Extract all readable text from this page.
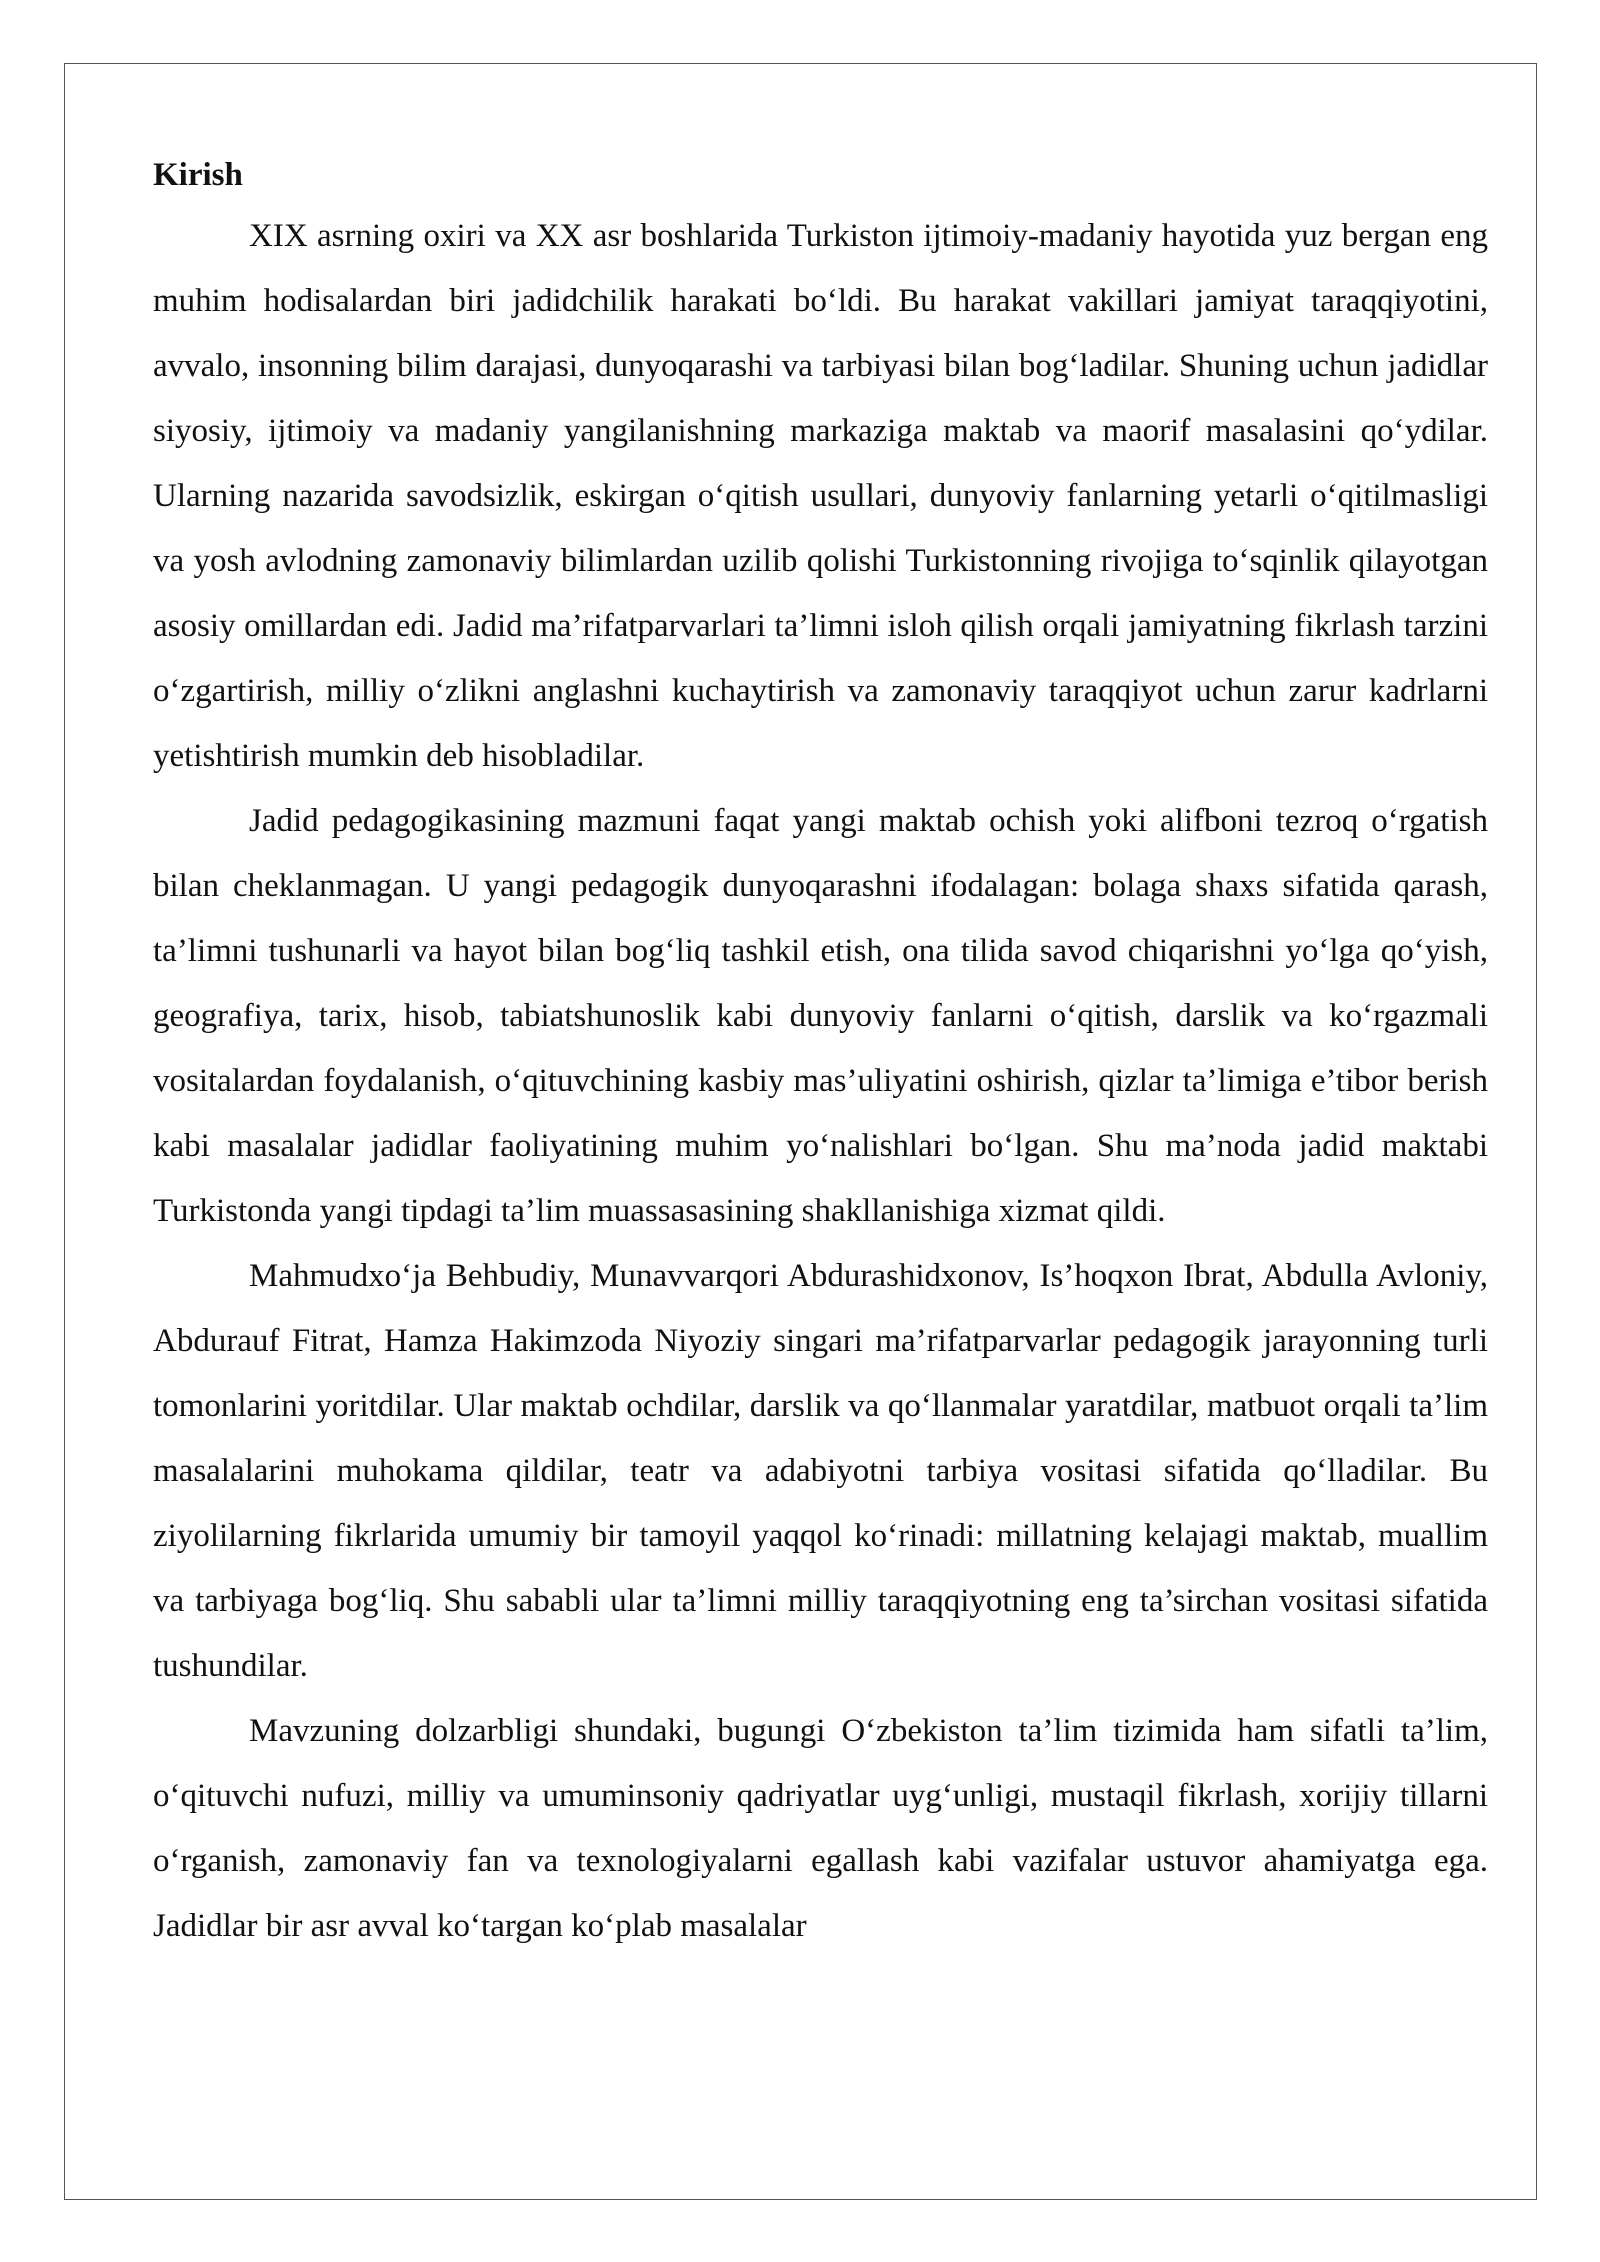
Kirish

XIX asrning oxiri va XX asr boshlarida Turkiston ijtimoiy-madaniy hayotida yuz bergan eng muhim hodisalardan biri jadidchilik harakati bo‘ldi. Bu harakat vakillari jamiyat taraqqiyotini, avvalo, insonning bilim darajasi, dunyoqarashi va tarbiyasi bilan bog‘ladilar. Shuning uchun jadidlar siyosiy, ijtimoiy va madaniy yangilanishning markaziga maktab va maorif masalasini qo‘ydilar. Ularning nazarida savodsizlik, eskirgan o‘qitish usullari, dunyoviy fanlarning yetarli o‘qitilmasligi va yosh avlodning zamonaviy bilimlardan uzilib qolishi Turkistonning rivojiga to‘sqinlik qilayotgan asosiy omillardan edi. Jadid ma’rifatparvarlari ta’limni isloh qilish orqali jamiyatning fikrlash tarzini o‘zgartirish, milliy o‘zlikni anglashni kuchaytirish va zamonaviy taraqqiyot uchun zarur kadrlarni yetishtirish mumkin deb hisobladilar.

Jadid pedagogikasining mazmuni faqat yangi maktab ochish yoki alifboni tezroq o‘rgatish bilan cheklanmagan. U yangi pedagogik dunyoqarashni ifodalagan: bolaga shaxs sifatida qarash, ta’limni tushunarli va hayot bilan bog‘liq tashkil etish, ona tilida savod chiqarishni yo‘lga qo‘yish, geografiya, tarix, hisob, tabiatshunoslik kabi dunyoviy fanlarni o‘qitish, darslik va ko‘rgazmali vositalardan foydalanish, o‘qituvchining kasbiy mas’uliyatini oshirish, qizlar ta’limiga e’tibor berish kabi masalalar jadidlar faoliyatining muhim yo‘nalishlari bo‘lgan. Shu ma’noda jadid maktabi Turkistonda yangi tipdagi ta’lim muassasasining shakllanishiga xizmat qildi.

Mahmudxo‘ja Behbudiy, Munavvarqori Abdurashidxonov, Is’hoqxon Ibrat, Abdulla Avloniy, Abdurauf Fitrat, Hamza Hakimzoda Niyoziy singari ma’rifatparvarlar pedagogik jarayonning turli tomonlarini yoritdilar. Ular maktab ochdilar, darslik va qo‘llanmalar yaratdilar, matbuot orqali ta’lim masalalarini muhokama qildilar, teatr va adabiyotni tarbiya vositasi sifatida qo‘lladilar. Bu ziyolilarning fikrlarida umumiy bir tamoyil yaqqol ko‘rinadi: millatning kelajagi maktab, muallim va tarbiyaga bog‘liq. Shu sababli ular ta’limni milliy taraqqiyotning eng ta’sirchan vositasi sifatida tushundilar.

Mavzuning dolzarbligi shundaki, bugungi O‘zbekiston ta’lim tizimida ham sifatli ta’lim, o‘qituvchi nufuzi, milliy va umuminsoniy qadriyatlar uyg‘unligi, mustaqil fikrlash, xorijiy tillarni o‘rganish, zamonaviy fan va texnologiyalarni egallash kabi vazifalar ustuvor ahamiyatga ega. Jadidlar bir asr avval ko‘targan ko‘plab masalalar
